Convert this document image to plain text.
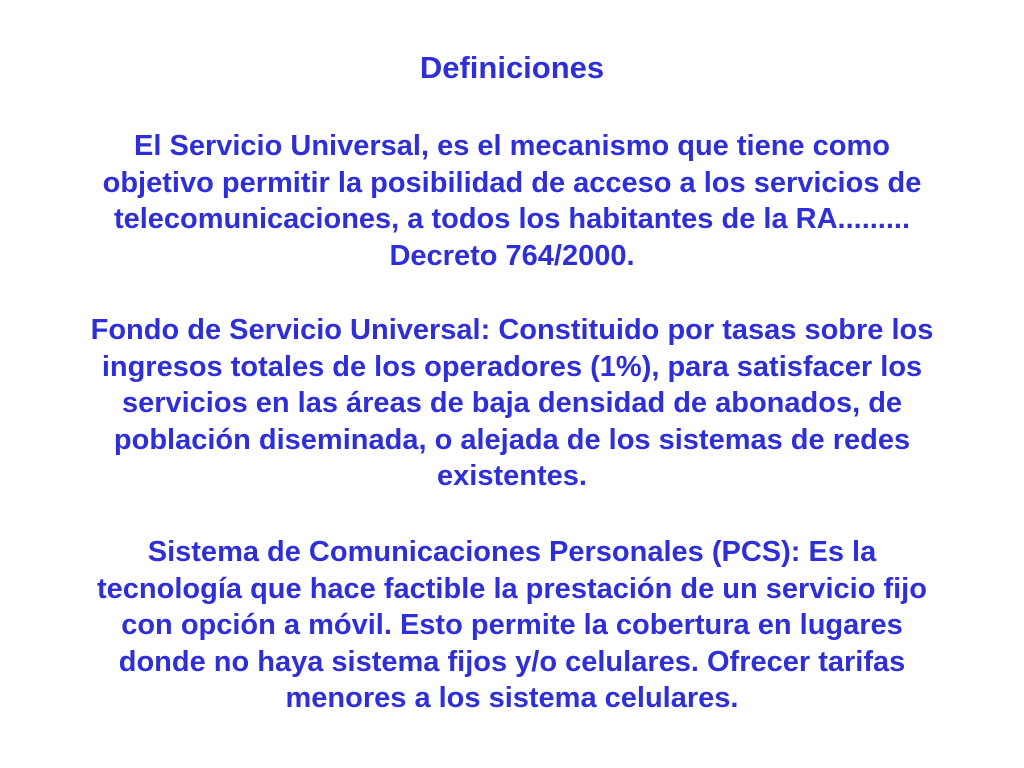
Definiciones

El Servicio Universal, es el mecanismo que tiene como
objetivo permitir la posibilidad de acceso a los servicios de
telecomunicaciones, a todos los habitantes de la RA.........
Decreto 764/2000.

Fondo de Servicio Universal: Constituido por tasas sobre los
ingresos totales de los operadores (1%), para satisfacer los
servicios en las áreas de baja densidad de abonados, de
población diseminada, o alejada de los sistemas de redes
existentes.

Sistema de Comunicaciones Personales (PCS): Es la
tecnología que hace factible la prestación de un servicio fijo
con opción a móvil. Esto permite la cobertura en lugares
donde no haya sistema fijos y/o celulares. Ofrecer tarifas
menores a los sistema celulares.
